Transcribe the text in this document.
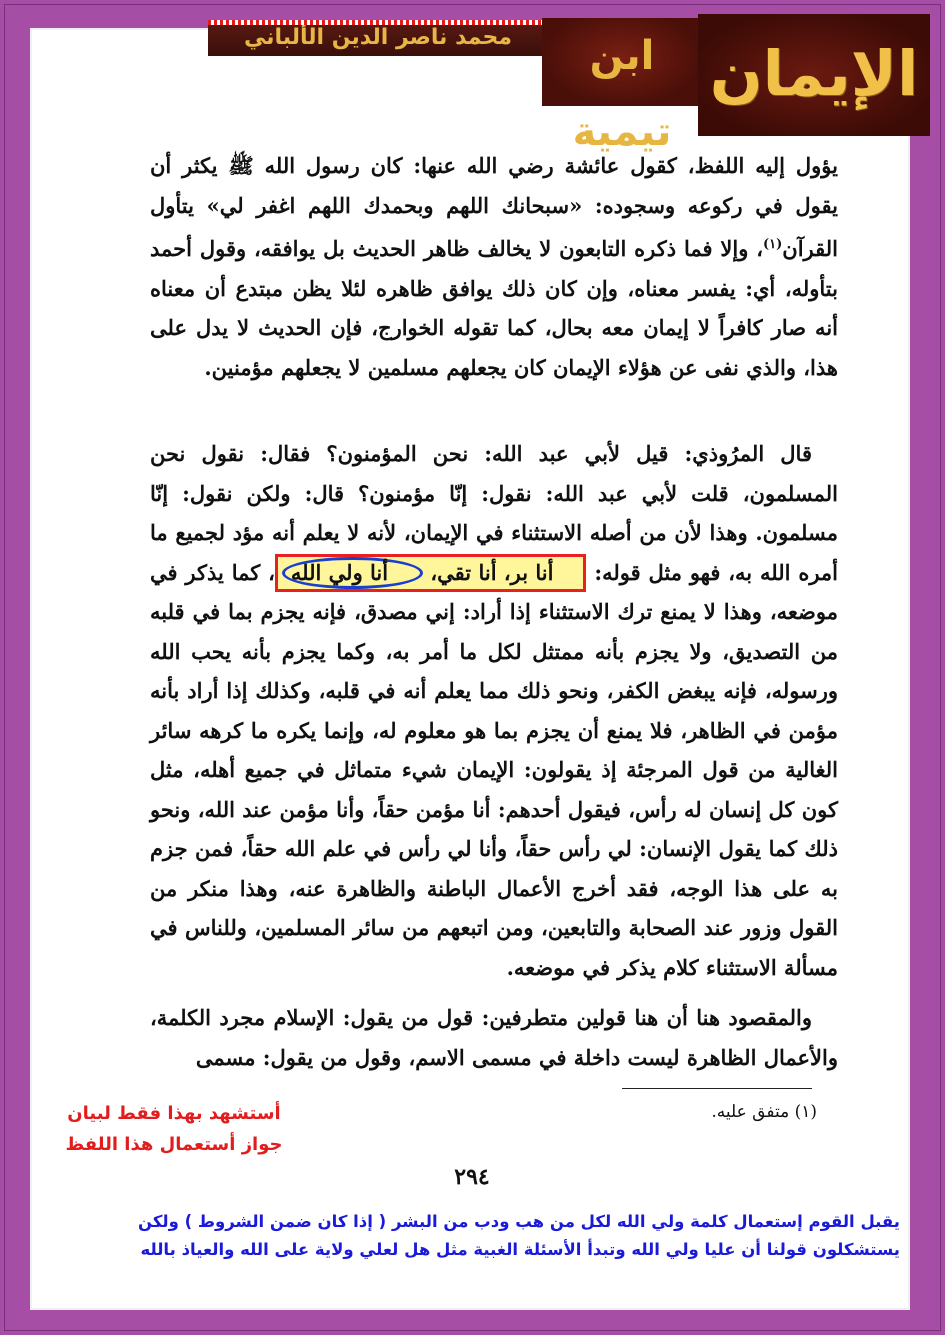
محمد ناصر الدين الألباني	ابن تيمية
الإيمان
يؤول إليه اللفظ، كقول عائشة رضي الله عنها: كان رسول الله ﷺ يكثر أن يقول في ركوعه وسجوده: «سبحانك اللهم وبحمدك اللهم اغفر لي» يتأول القرآن$^{(١)}$، وإلا فما ذكره التابعون لا يخالف ظاهر الحديث بل يوافقه، وقول أحمد بتأوله، أي: يفسر معناه، وإن كان ذلك يوافق ظاهره لئلا يظن مبتدع أن معناه أنه صار كافراً لا إيمان معه بحال، كما تقوله الخوارج، فإن الحديث لا يدل على هذا، والذي نفى عن هؤلاء الإيمان كان يجعلهم مسلمين لا يجعلهم مؤمنين.
قال المرُوذي: قيل لأبي عبد الله: نحن المؤمنون؟ فقال: نقول نحن المسلمون، قلت لأبي عبد الله: نقول: إنّا مؤمنون؟ قال: ولكن نقول: إنّا مسلمون. وهذا لأن من أصله الاستثناء في الإيمان، لأنه لا يعلم أنه مؤد لجميع ما أمره الله به، فهو مثل قوله: أنا بر، أنا تقي، أنا ولي الله، كما يذكر في موضعه، وهذا لا يمنع ترك الاستثناء إذا أراد: إني مصدق، فإنه يجزم بما في قلبه من التصديق، ولا يجزم بأنه ممتثل لكل ما أمر به، وكما يجزم بأنه يحب الله ورسوله، فإنه يبغض الكفر، ونحو ذلك مما يعلم أنه في قلبه، وكذلك إذا أراد بأنه مؤمن في الظاهر، فلا يمنع أن يجزم بما هو معلوم له، وإنما يكره ما كرهه سائر الغالية من قول المرجئة إذ يقولون: الإيمان شيء متماثل في جميع أهله، مثل كون كل إنسان له رأس، فيقول أحدهم: أنا مؤمن حقاً، وأنا مؤمن عند الله، ونحو ذلك كما يقول الإنسان: لي رأس حقاً، وأنا لي رأس في علم الله حقاً، فمن جزم به على هذا الوجه، فقد أخرج الأعمال الباطنة والظاهرة عنه، وهذا منكر من القول وزور عند الصحابة والتابعين، ومن اتبعهم من سائر المسلمين، وللناس في مسألة الاستثناء كلام يذكر في موضعه.
والمقصود هنا أن هنا قولين متطرفين: قول من يقول: الإسلام مجرد الكلمة، والأعمال الظاهرة ليست داخلة في مسمى الاسم، وقول من يقول: مسمى
(١) متفق عليه.
أستشهد بهذا فقط لبيان
جواز أستعمال هذا اللفظ
٢٩٤
يقبل القوم إستعمال كلمة ولي الله لكل من هب ودب من البشر ( إذا كان ضمن الشروط ) ولكن يستشكلون قولنا أن عليا ولي الله وتبدأ الأسئلة الغبية مثل هل لعلي ولاية على الله والعياذ بالله
